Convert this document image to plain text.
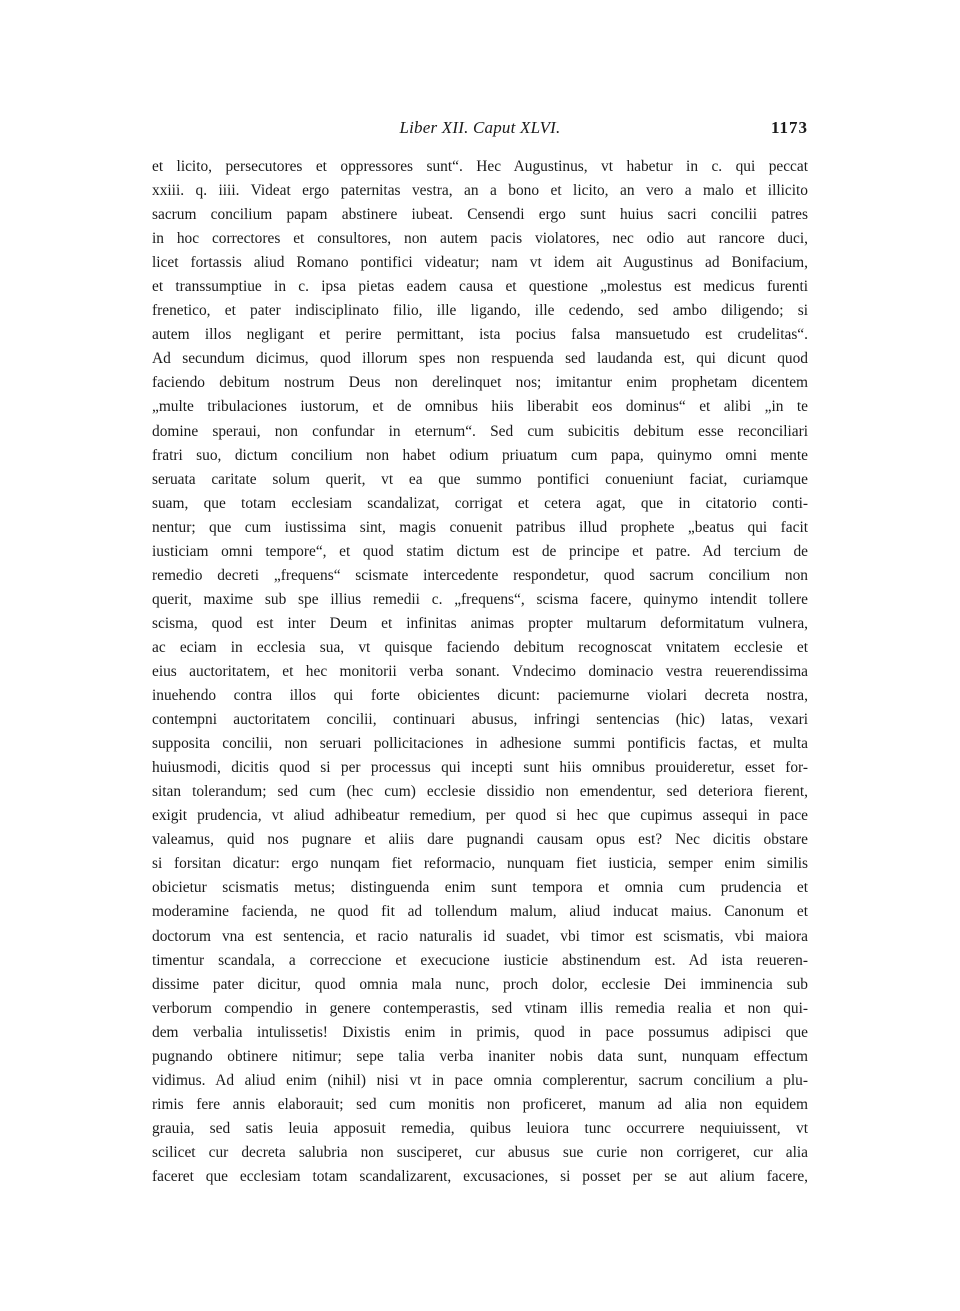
Liber XII. Caput XLVI.	1173
et licito, persecutores et oppressores sunt“. Hec Augustinus, vt habetur in c. qui peccat
xxiii. q. iiii. Videat ergo paternitas vestra, an a bono et licito, an vero a malo et illicito
sacrum concilium papam abstinere iubeat. Censendi ergo sunt huius sacri concilii patres
in hoc correctores et consultores, non autem pacis violatores, nec odio aut rancore duci,
licet fortassis aliud Romano pontifici videatur; nam vt idem ait Augustinus ad Bonifacium,
et transsumptiue in c. ipsa pietas eadem causa et questione „molestus est medicus furenti
frenetico, et pater indisciplinato filio, ille ligando, ille cedendo, sed ambo diligendo; si
autem illos negligant et perire permittant, ista pocius falsa mansuetudo est crudelitas“.
Ad secundum dicimus, quod illorum spes non respuenda sed laudanda est, qui dicunt quod
faciendo debitum nostrum Deus non derelinquet nos; imitantur enim prophetam dicentem
„multe tribulaciones iustorum, et de omnibus hiis liberabit eos dominus“ et alibi „in te
domine speraui, non confundar in eternum“. Sed cum subicitis debitum esse reconciliari
fratri suo, dictum concilium non habet odium priuatum cum papa, quinymo omni mente
seruata caritate solum querit, vt ea que summo pontifici conueniunt faciat, curiamque
suam, que totam ecclesiam scandalizat, corrigat et cetera agat, que in citatorio conti-
nentur; que cum iustissima sint, magis conuenit patribus illud prophete „beatus qui facit
iusticiam omni tempore“, et quod statim dictum est de principe et patre. Ad tercium de
remedio decreti „frequens“ scismate intercedente respondetur, quod sacrum concilium non
querit, maxime sub spe illius remedii c. „frequens“, scisma facere, quinymo intendit tollere
scisma, quod est inter Deum et infinitas animas propter multarum deformitatum vulnera,
ac eciam in ecclesia sua, vt quisque faciendo debitum recognoscat vnitatem ecclesie et
eius auctoritatem, et hec monitorii verba sonant. Vndecimo dominacio vestra reuerendissima
inuehendo contra illos qui forte obicientes dicunt: paciemurne violari decreta nostra,
contempni auctoritatem concilii, continuari abusus, infringi sentencias (hic) latas, vexari
supposita concilii, non seruari pollicitaciones in adhesione summi pontificis factas, et multa
huiusmodi, dicitis quod si per processus qui incepti sunt hiis omnibus prouideretur, esset for-
sitan tolerandum; sed cum (hec cum) ecclesie dissidio non emendentur, sed deteriora fierent,
exigit prudencia, vt aliud adhibeatur remedium, per quod si hec que cupimus assequi in pace
valeamus, quid nos pugnare et aliis dare pugnandi causam opus est? Nec dicitis obstare
si forsitan dicatur: ergo nunqam fiet reformacio, nunquam fiet iusticia, semper enim similis
obicietur scismatis metus; distinguenda enim sunt tempora et omnia cum prudencia et
moderamine facienda, ne quod fit ad tollendum malum, aliud inducat maius. Canonum et
doctorum vna est sentencia, et racio naturalis id suadet, vbi timor est scismatis, vbi maiora
timentur scandala, a correccione et execucione iusticie abstinendum est. Ad ista reueren-
dissime pater dicitur, quod omnia mala nunc, proch dolor, ecclesie Dei imminencia sub
verborum compendio in genere contemperastis, sed vtinam illis remedia realia et non qui-
dem verbalia intulissetis! Dixistis enim in primis, quod in pace possumus adipisci que
pugnando obtinere nitimur; sepe talia verba inaniter nobis data sunt, nunquam effectum
vidimus. Ad aliud enim (nihil) nisi vt in pace omnia complerentur, sacrum concilium a plu-
rimis fere annis elaborauit; sed cum monitis non proficeret, manum ad alia non equidem
grauia, sed satis leuia apposuit remedia, quibus leuiora tunc occurrere nequiuissent, vt
scilicet cur decreta salubria non susciperet, cur abusus sue curie non corrigeret, cur alia
faceret que ecclesiam totam scandalizarent, excusaciones, si posset per se aut alium facere,
